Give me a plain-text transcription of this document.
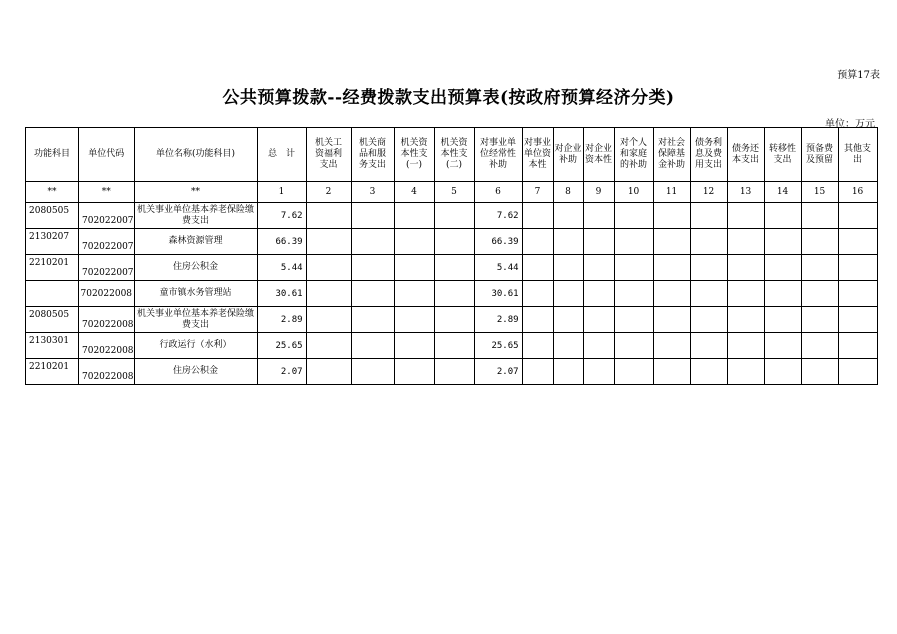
预算17表
公共预算拨款--经费拨款支出预算表(按政府预算经济分类)
单位：万元
功能科目	单位代码	单位名称(功能科目)	总　计	机关工资福利支出	机关商品和服务支出	机关资本性支(一)	机关资本性支(二)	对事业单位经常性补助	对事业单位资本性	对企业补助	对企业资本性	对个人和家庭的补助	对社会保障基金补助	债务利息及费用支出	债务还本支出	转移性支出	预备费及预留	其他支出
**	**	**	1	2	3	4	5	6	7	8	9	10	11	12	13	14	15	16
2080505	702022007	机关事业单位基本养老保险缴费支出	7.62					7.62										
2130207	702022007	森林资源管理	66.39					66.39										
2210201	702022007	住房公积金	5.44					5.44										
	702022008	童市镇水务管理站	30.61					30.61										
2080505	702022008	机关事业单位基本养老保险缴费支出	2.89					2.89										
2130301	702022008	行政运行（水利）	25.65					25.65										
2210201	702022008	住房公积金	2.07					2.07										
